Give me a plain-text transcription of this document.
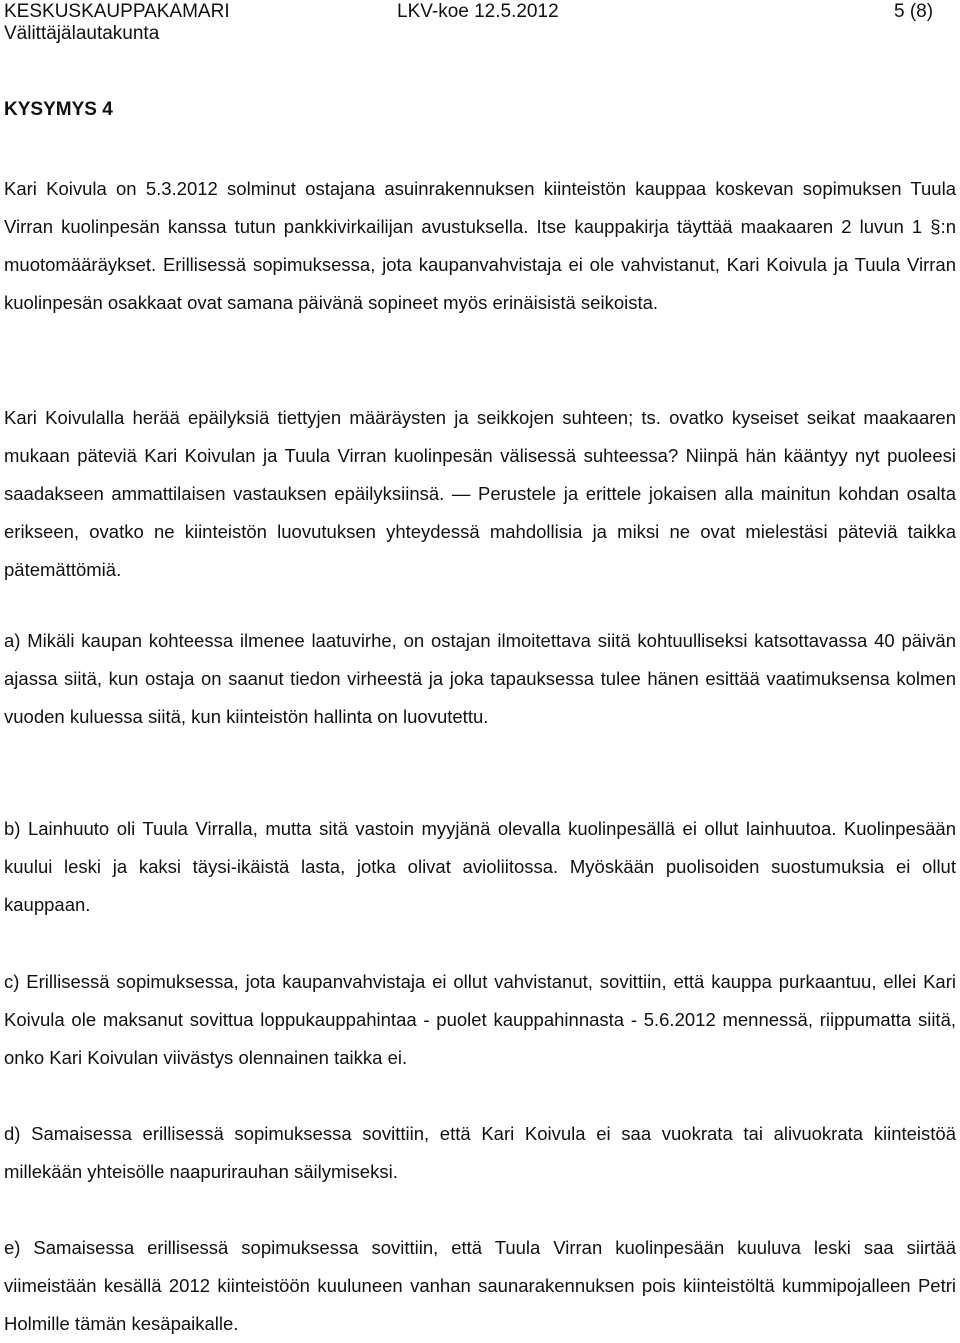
KESKUSKAUPPAKAMARI	LKV-koe 12.5.2012	5 (8)
Välittäjälautakunta
KYSYMYS 4

Kari Koivula on 5.3.2012 solminut ostajana asuinrakennuksen kiinteistön kauppaa koskevan sopimuksen Tuula Virran kuolinpesän kanssa tutun pankkivirkailijan avustuksella. Itse kauppakirja täyttää maakaaren 2 luvun 1 §:n muotomääräykset. Erillisessä sopimuksessa, jota kaupanvahvistaja ei ole vahvistanut, Kari Koivula ja Tuula Virran kuolinpesän osakkaat ovat samana päivänä sopineet myös erinäisistä seikoista.

Kari Koivulalla herää epäilyksiä tiettyjen määräysten ja seikkojen suhteen; ts. ovatko kyseiset seikat maakaaren mukaan päteviä Kari Koivulan ja Tuula Virran kuolinpesän välisessä suhteessa? Niinpä hän kääntyy nyt puoleesi saadakseen ammattilaisen vastauksen epäilyksiinsä. — Perustele ja erittele jokaisen alla mainitun kohdan osalta erikseen, ovatko ne kiinteistön luovutuksen yhteydessä mahdollisia ja miksi ne ovat mielestäsi päteviä taikka pätemättömiä.

a) Mikäli kaupan kohteessa ilmenee laatuvirhe, on ostajan ilmoitettava siitä kohtuulliseksi katsottavassa 40 päivän ajassa siitä, kun ostaja on saanut tiedon virheestä ja joka tapauksessa tulee hänen esittää vaatimuksensa kolmen vuoden kuluessa siitä, kun kiinteistön hallinta on luovutettu.

b) Lainhuuto oli Tuula Virralla, mutta sitä vastoin myyjänä olevalla kuolinpesällä ei ollut lainhuutoa. Kuolinpesään kuului leski ja kaksi täysi-ikäistä lasta, jotka olivat avioliitossa. Myöskään puolisoiden suostumuksia ei ollut kauppaan.

c) Erillisessä sopimuksessa, jota kaupanvahvistaja ei ollut vahvistanut, sovittiin, että kauppa purkaantuu, ellei Kari Koivula ole maksanut sovittua loppukauppahintaa - puolet kauppahinnasta - 5.6.2012 mennessä, riippumatta siitä, onko Kari Koivulan viivästys olennainen taikka ei.

d) Samaisessa erillisessä sopimuksessa sovittiin, että Kari Koivula ei saa vuokrata tai alivuokrata kiinteistöä millekään yhteisölle naapurirauhan säilymiseksi.

e) Samaisessa erillisessä sopimuksessa sovittiin, että Tuula Virran kuolinpesään kuuluva leski saa siirtää viimeistään kesällä 2012 kiinteistöön kuuluneen vanhan saunarakennuksen pois kiinteistöltä kummipojalleen Petri Holmille tämän kesäpaikalle.
